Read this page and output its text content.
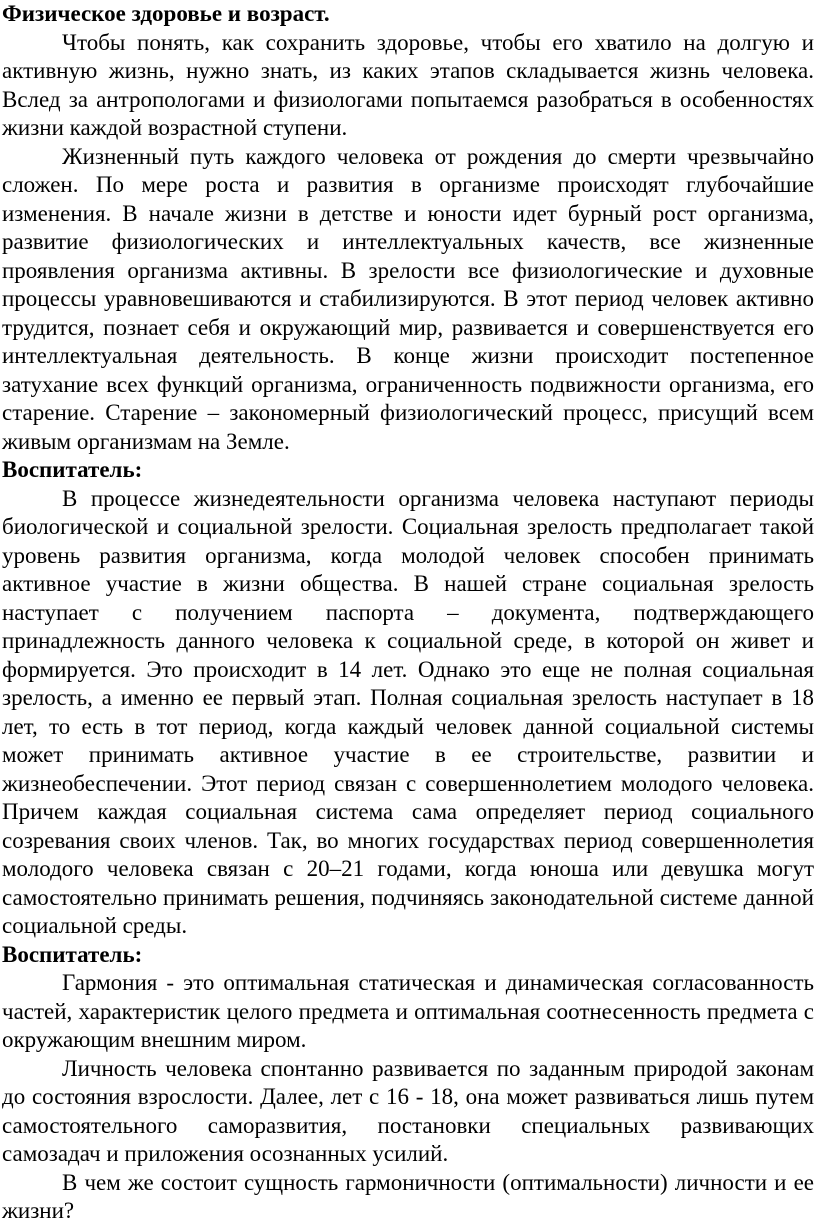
Физическое здоровье и возраст.

Чтобы понять, как сохранить здоровье, чтобы его хватило на долгую и активную жизнь, нужно знать, из каких этапов складывается жизнь человека. Вслед за антропологами и физиологами попытаемся разобраться в особенностях жизни каждой возрастной ступени.

Жизненный путь каждого человека от рождения до смерти чрезвычайно сложен. По мере роста и развития в организме происходят глубочайшие изменения. В начале жизни в детстве и юности идет бурный рост организма, развитие физиологических и интеллектуальных качеств, все жизненные проявления организма активны. В зрелости все физиологические и духовные процессы уравновешиваются и стабилизируются. В этот период человек активно трудится, познает себя и окружающий мир, развивается и совершенствуется его интеллектуальная деятельность. В конце жизни происходит постепенное затухание всех функций организма, ограниченность подвижности организма, его старение. Старение – закономерный физиологический процесс, присущий всем живым организмам на Земле.

Воспитатель:

В процессе жизнедеятельности организма человека наступают периоды биологической и социальной зрелости. Социальная зрелость предполагает такой уровень развития организма, когда молодой человек способен принимать активное участие в жизни общества. В нашей стране социальная зрелость наступает с получением паспорта – документа, подтверждающего принадлежность данного человека к социальной среде, в которой он живет и формируется. Это происходит в 14 лет. Однако это еще не полная социальная зрелость, а именно ее первый этап. Полная социальная зрелость наступает в 18 лет, то есть в тот период, когда каждый человек данной социальной системы может принимать активное участие в ее строительстве, развитии и жизнеобеспечении. Этот период связан с совершеннолетием молодого человека. Причем каждая социальная система сама определяет период социального созревания своих членов. Так, во многих государствах период совершеннолетия молодого человека связан с 20–21 годами, когда юноша или девушка могут самостоятельно принимать решения, подчиняясь законодательной системе данной социальной среды.

Воспитатель:

Гармония - это оптимальная статическая и динамическая согласованность частей, характеристик целого предмета и оптимальная соотнесенность предмета с окружающим внешним миром.

Личность человека спонтанно развивается по заданным природой законам до состояния взрослости. Далее, лет с 16 - 18, она может развиваться лишь путем самостоятельного саморазвития, постановки специальных развивающих самозадач и приложения осознанных усилий.

В чем же состоит сущность гармоничности (оптимальности) личности и ее жизни?
